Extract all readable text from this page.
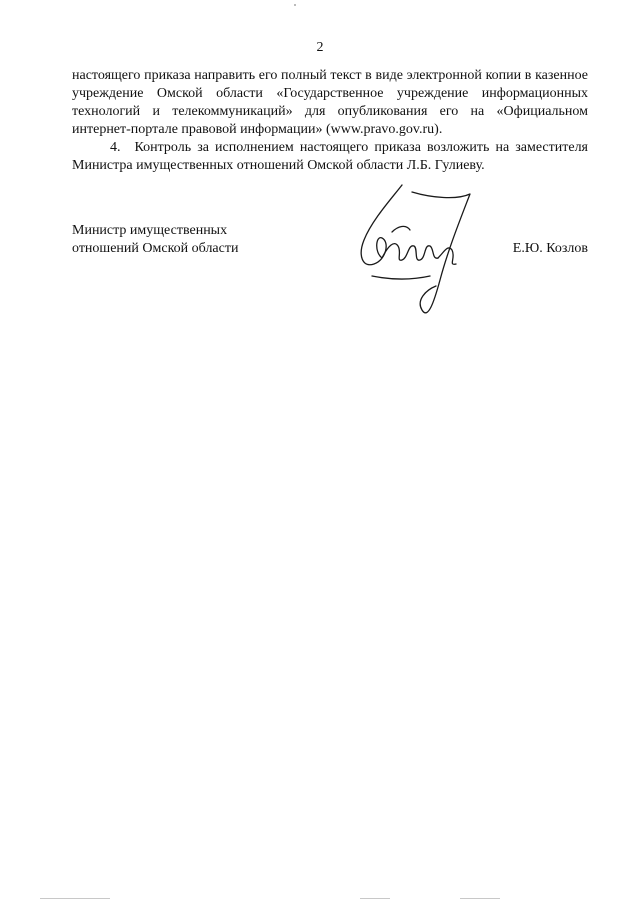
2

настоящего приказа направить его полный текст в виде электронной копии в казенное учреждение Омской области «Государственное учреждение информационных технологий и телекоммуникаций» для опубликования его на «Официальном интернет-портале правовой информации» (www.pravo.gov.ru).

4. Контроль за исполнением настоящего приказа возложить на заместителя Министра имущественных отношений Омской области Л.Б. Гулиеву.

Министр имущественных
отношений Омской области	Е.Ю. Козлов
